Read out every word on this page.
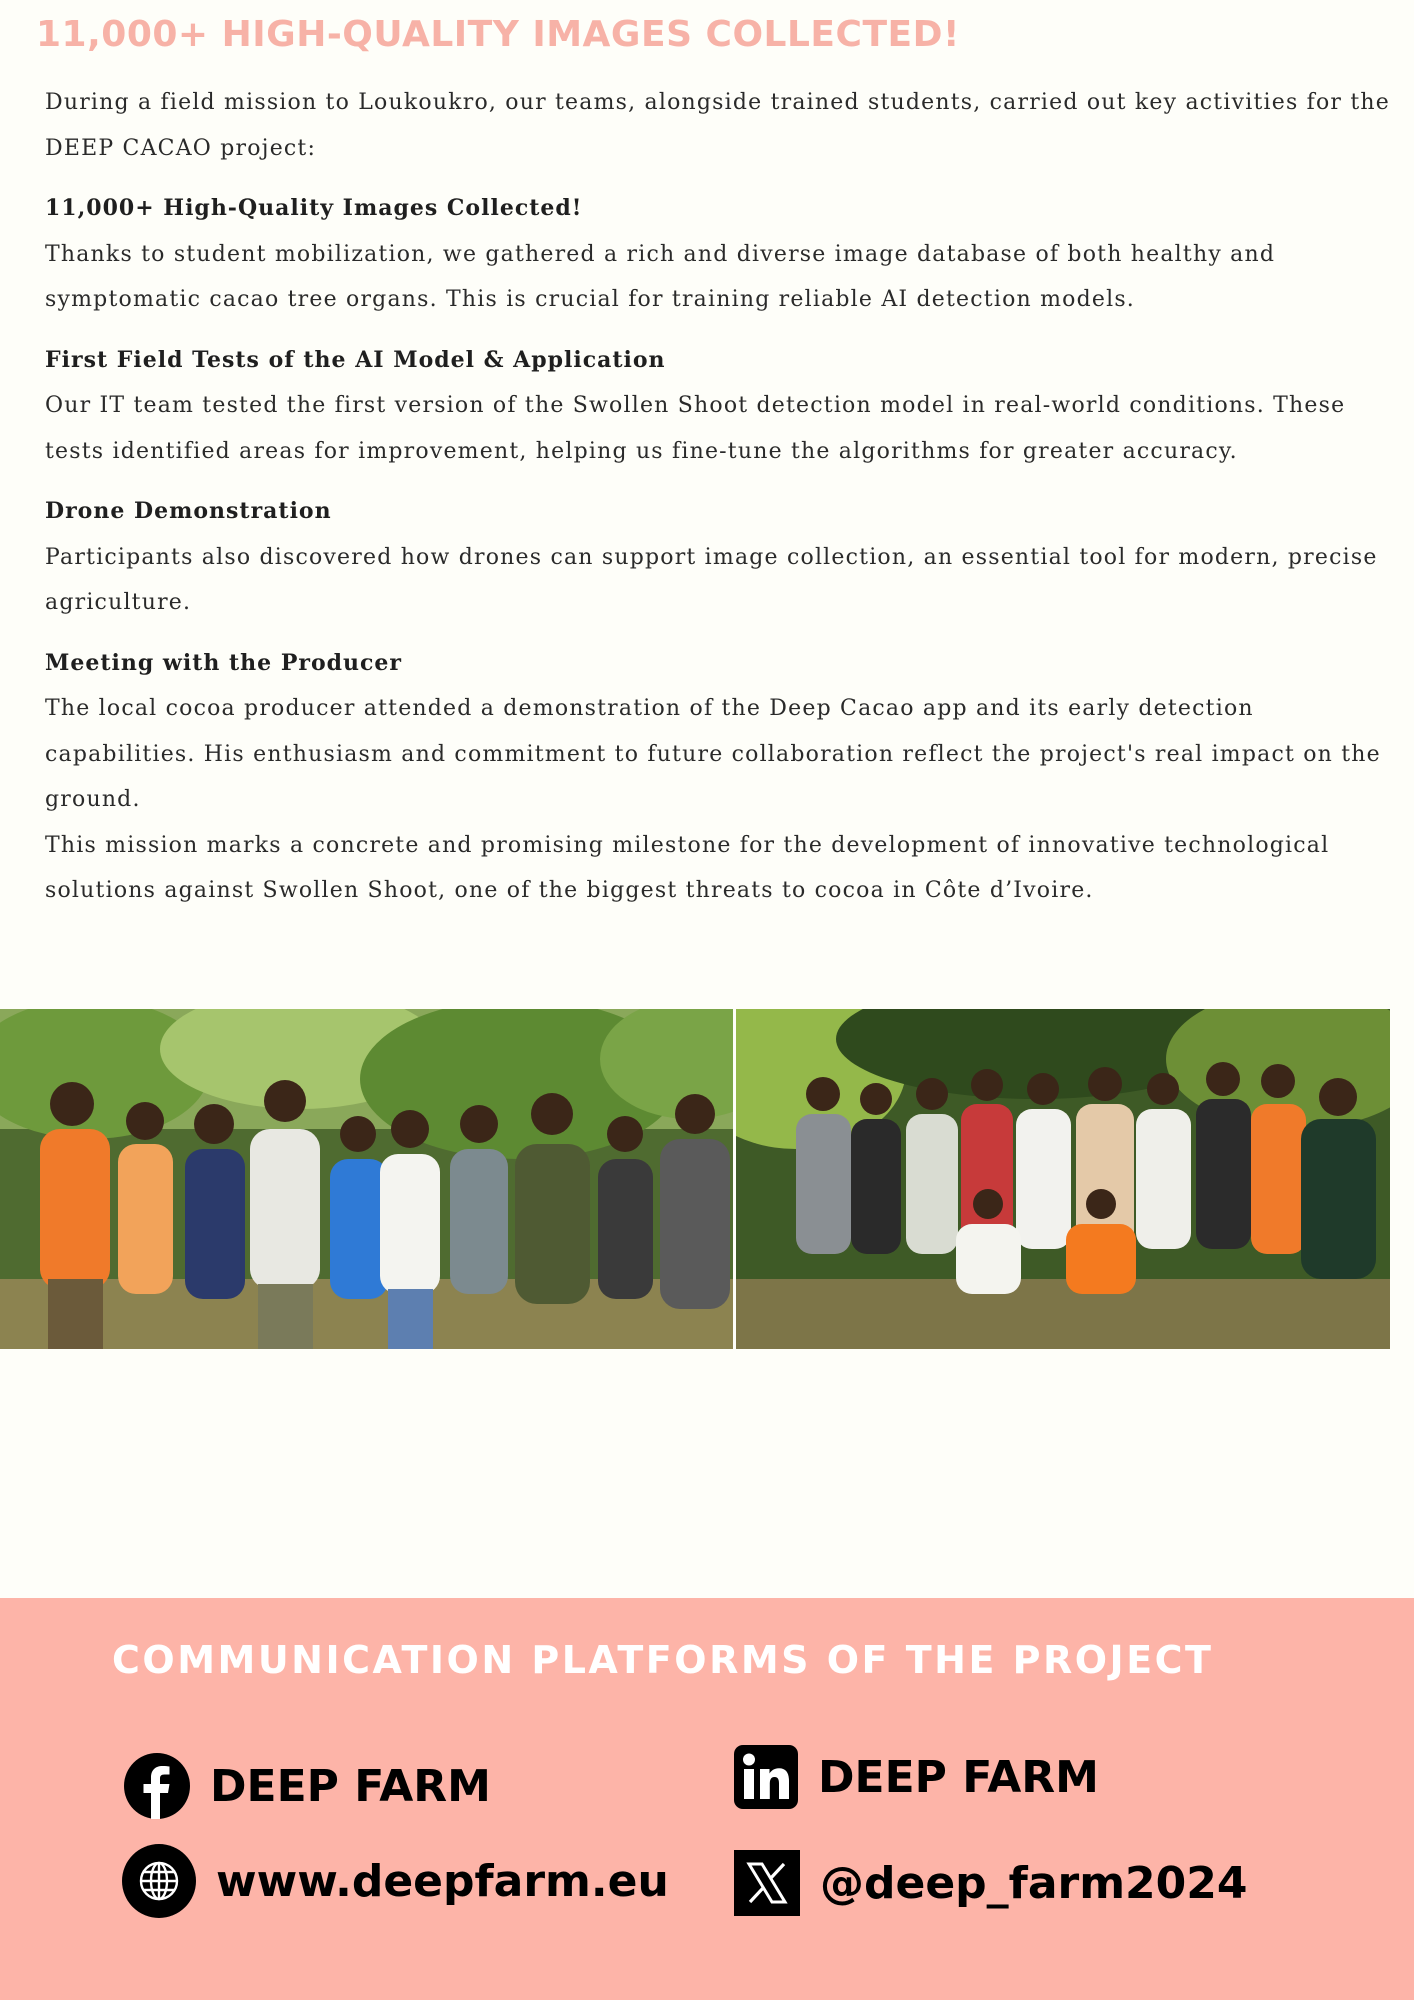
11,000+ HIGH-QUALITY IMAGES COLLECTED!

During a field mission to Loukoukro, our teams, alongside trained students, carried out key activities for the DEEP CACAO project:

11,000+ High-Quality Images Collected!

Thanks to student mobilization, we gathered a rich and diverse image database of both healthy and symptomatic cacao tree organs. This is crucial for training reliable AI detection models.

First Field Tests of the AI Model & Application

Our IT team tested the first version of the Swollen Shoot detection model in real-world conditions. These tests identified areas for improvement, helping us fine-tune the algorithms for greater accuracy.

Drone Demonstration

Participants also discovered how drones can support image collection, an essential tool for modern, precise agriculture.

Meeting with the Producer

The local cocoa producer attended a demonstration of the Deep Cacao app and its early detection capabilities. His enthusiasm and commitment to future collaboration reflect the project's real impact on the ground.

This mission marks a concrete and promising milestone for the development of innovative technological solutions against Swollen Shoot, one of the biggest threats to cocoa in Côte d’Ivoire.

COMMUNICATION PLATFORMS OF THE PROJECT
DEEP FARM	DEEP FARM
www.deepfarm.eu	@deep_farm2024
